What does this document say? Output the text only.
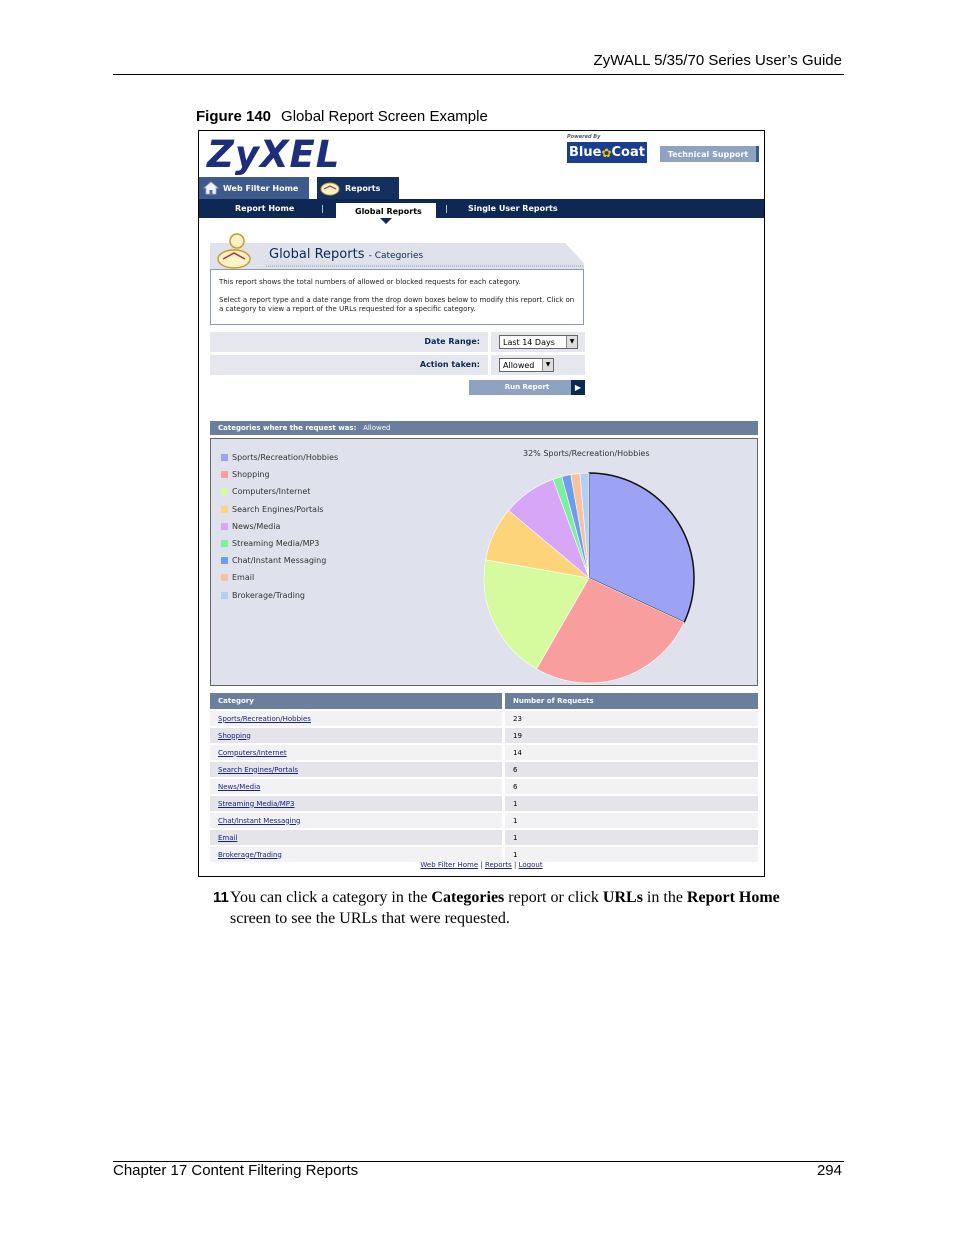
ZyWALL 5/35/70 Series User’s Guide
Figure 140 Global Report Screen Example
ZyXEL	Powered By
Blue ✿ Coat	Technical Support
Web Filter Home	Reports
Report Home	|	|	Single User Reports
Global Reports
Global Reports - Categories
This report shows the total numbers of allowed or blocked requests for each category.
Select a report type and a date range from the drop down boxes below to modify this report. Click on a category to view a report of the URLs requested for a specific category.
Date Range:	Last 14 Days	▼
Action taken:	Allowed	▼
Run Report	▶
Categories where the request was: Allowed
Sports/Recreation/Hobbies
Shopping
Computers/Internet
Search Engines/Portals
News/Media
Streaming Media/MP3
Chat/Instant Messaging
Email
Brokerage/Trading
32% Sports/Recreation/Hobbies
Category	Number of Requests
Sports/Recreation/Hobbies	23
Shopping	19
Computers/Internet	14
Search Engines/Portals	6
News/Media	6
Streaming Media/MP3	1
Chat/Instant Messaging	1
Email	1
Brokerage/Trading	1
Web Filter Home | Reports | Logout
11 You can click a category in the Categories report or click URLs in the Report Home
screen to see the URLs that were requested.
Chapter 17 Content Filtering Reports	294
